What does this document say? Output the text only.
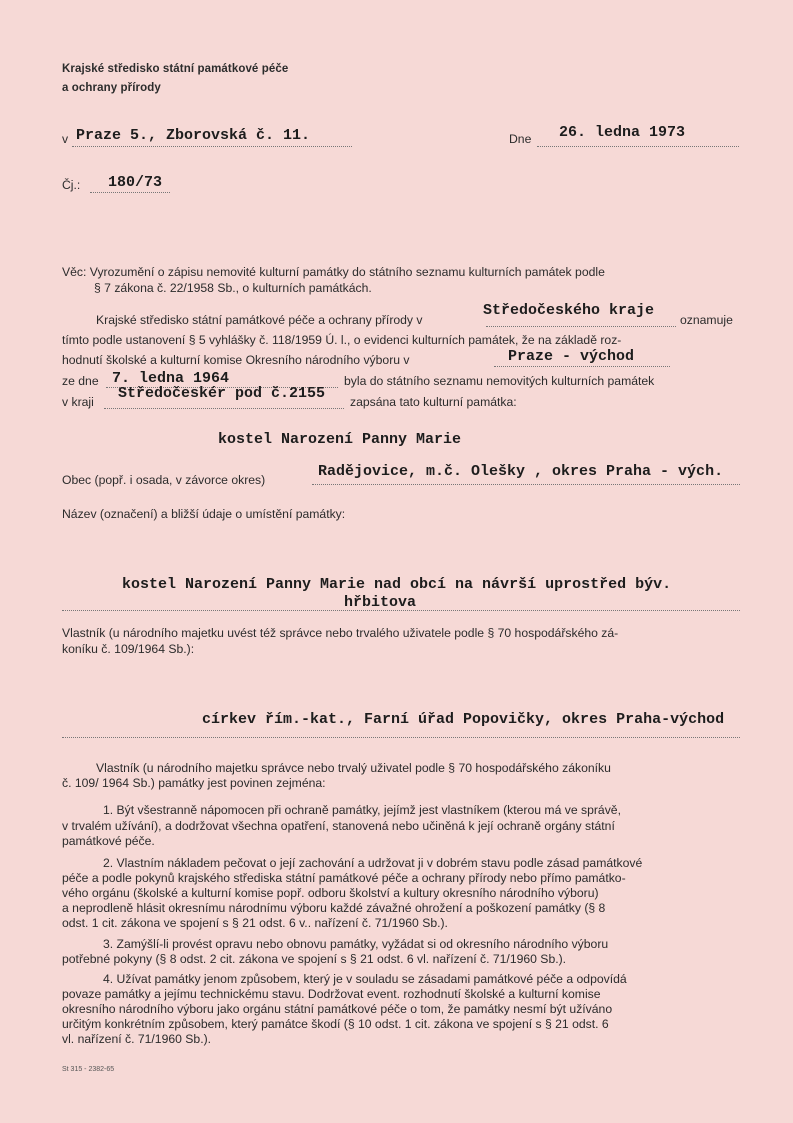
Krajské středisko státní památkové péče
a ochrany přírody
v Praze 5., Zborovská č. 11.	Dne 26. ledna 1973
Čj.: 180/73
Věc: Vyrozumění o zápisu nemovité kulturní památky do státního seznamu kulturních památek podle
§ 7 zákona č. 22/1958 Sb., o kulturních památkách.
Krajské středisko státní památkové péče a ochrany přírody v
Středočeského kraje
oznamuje
tímto podle ustanovení § 5 vyhlášky č. 118/1959 Ú. l., o evidenci kulturních památek, že na základě roz-
hodnutí školské a kulturní komise Okresního národního výboru v	Praze - východ
ze dne 7. ledna 1964	byla do státního seznamu nemovitých kulturních památek
v kraji Středočeskér pod č.2155 zapsána tato kulturní památka:
kostel Narození Panny Marie
Obec (popř. i osada, v závorce okres)	Radějovice, m.č. Olešky , okres Praha - vých.
Název (označení) a bližší údaje o umístění památky:
kostel Narození Panny Marie nad obcí na návrší uprostřed býv.
hřbitova
Vlastník (u národního majetku uvést též správce nebo trvalého uživatele podle § 70 hospodářského zá-
koníku č. 109/1964 Sb.):
církev řím.-kat., Farní úřad Popovičky, okres Praha-východ
Vlastník (u národního majetku správce nebo trvalý uživatel podle § 70 hospodářského zákoníku
č. 109/ 1964 Sb.) památky jest povinen zejména:
1. Být všestranně nápomocen při ochraně památky, jejímž jest vlastníkem (kterou má ve správě,
v trvalém užívání), a dodržovat všechna opatření, stanovená nebo učiněná k její ochraně orgány státní
památkové péče.
2. Vlastním nákladem pečovat o její zachování a udržovat ji v dobrém stavu podle zásad památkové
péče a podle pokynů krajského střediska státní památkové péče a ochrany přírody nebo přímo památko-
vého orgánu (školské a kulturní komise popř. odboru školství a kultury okresního národního výboru)
a neprodleně hlásit okresnímu národnímu výboru každé závažné ohrožení a poškození památky (§ 8
odst. 1 cit. zákona ve spojení s § 21 odst. 6 v.. nařízení č. 71/1960 Sb.).
3. Zamýšlí-li provést opravu nebo obnovu památky, vyžádat si od okresního národního výboru
potřebné pokyny (§ 8 odst. 2 cit. zákona ve spojení s § 21 odst. 6 vl. nařízení č. 71/1960 Sb.).
4. Užívat památky jenom způsobem, který je v souladu se zásadami památkové péče a odpovídá
povaze památky a jejímu technickému stavu. Dodržovat event. rozhodnutí školské a kulturní komise
okresního národního výboru jako orgánu státní památkové péče o tom, že památky nesmí být užíváno
určitým konkrétním způsobem, který památce škodí (§ 10 odst. 1 cit. zákona ve spojení s § 21 odst. 6
vl. nařízení č. 71/1960 Sb.).
St 315 - 2382-65
